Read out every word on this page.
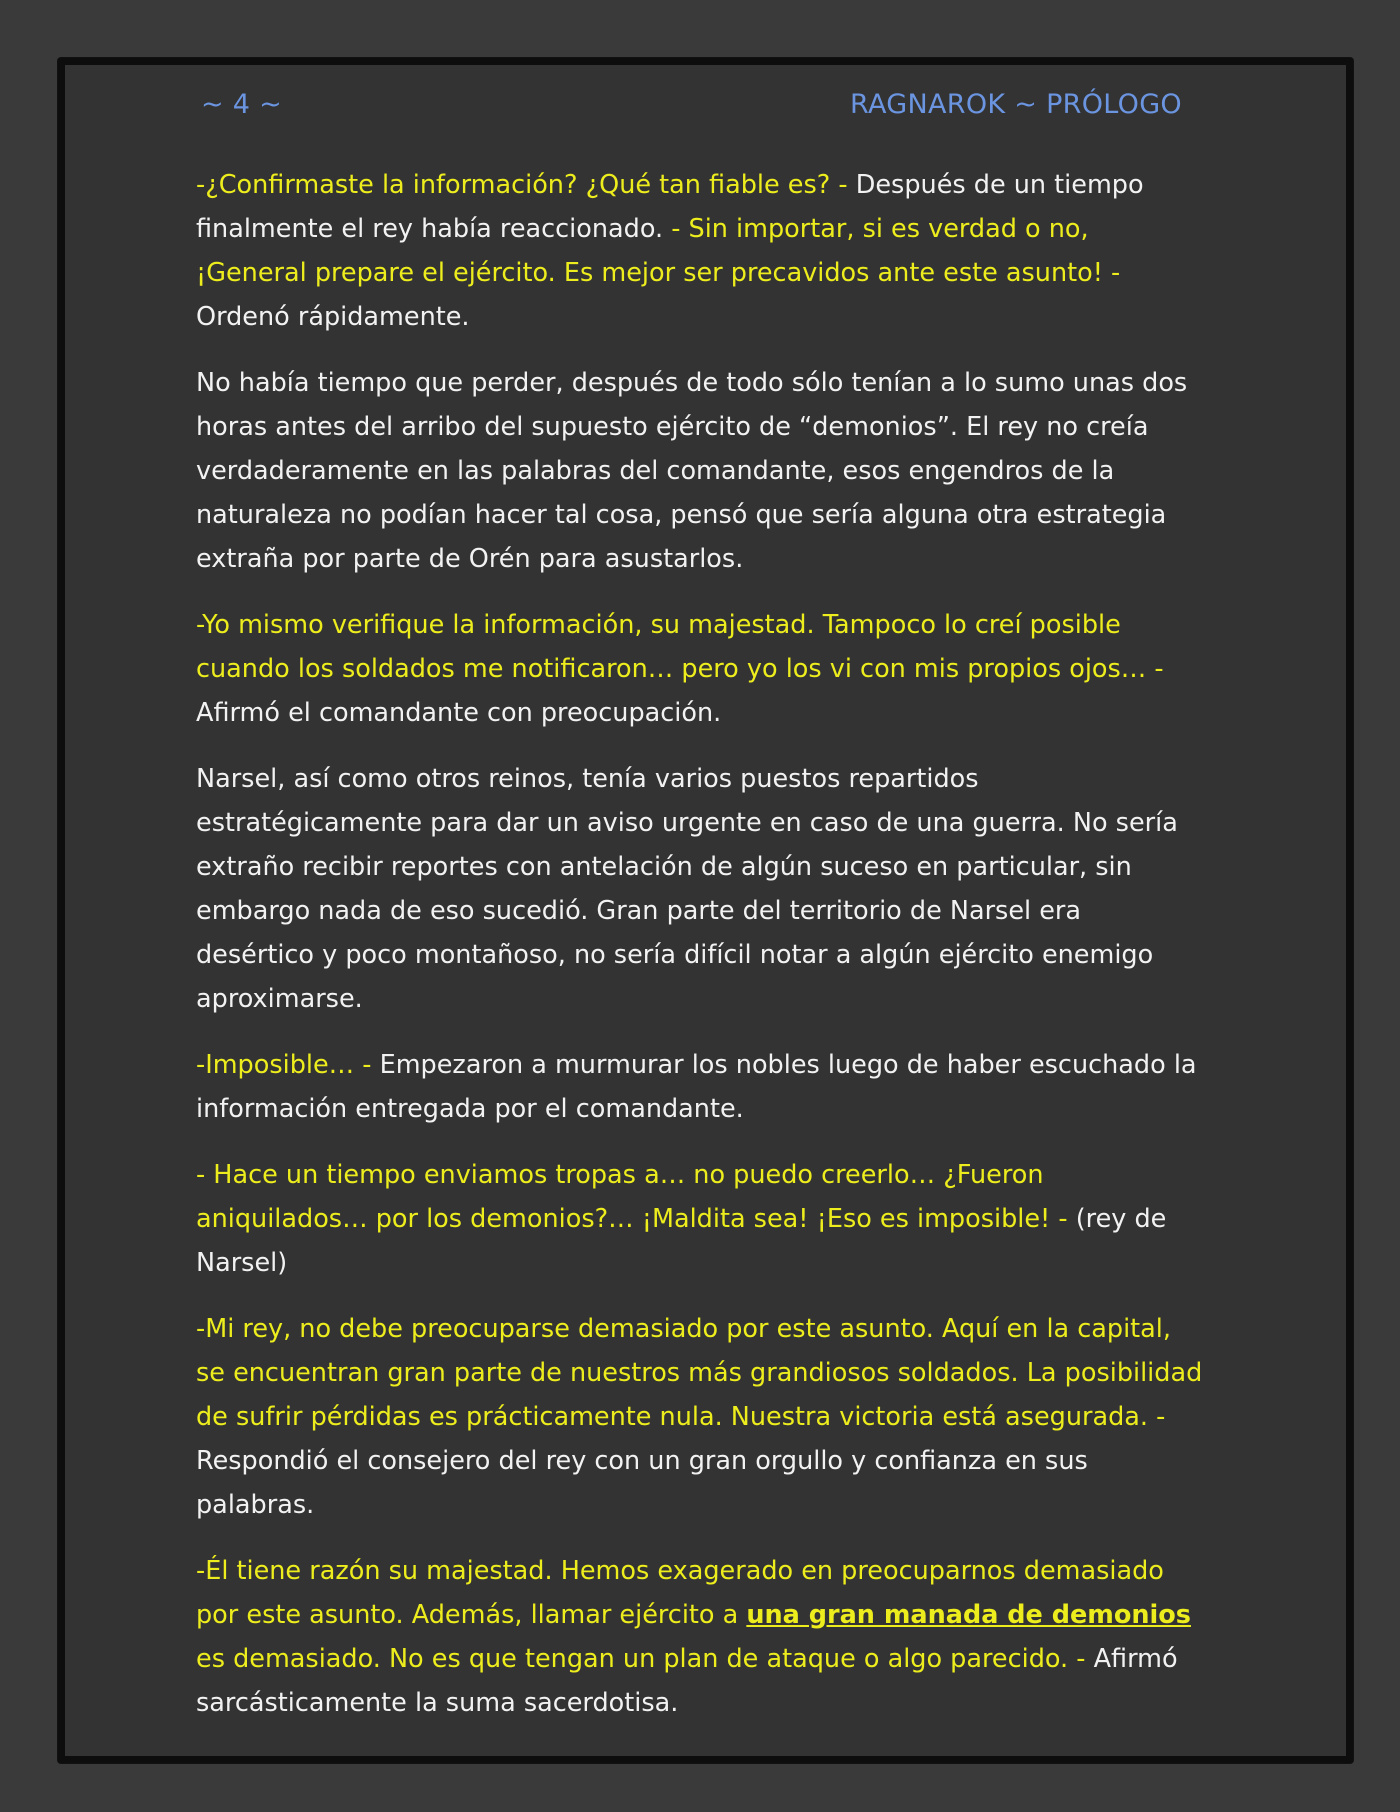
~ 4 ~	RAGNAROK ~ PRÓLOGO

-¿Confirmaste la información? ¿Qué tan fiable es? - Después de un tiempo finalmente el rey había reaccionado. - Sin importar, si es verdad o no, ¡General prepare el ejército. Es mejor ser precavidos ante este asunto! - Ordenó rápidamente.

No había tiempo que perder, después de todo sólo tenían a lo sumo unas dos horas antes del arribo del supuesto ejército de “demonios”. El rey no creía verdaderamente en las palabras del comandante, esos engendros de la naturaleza no podían hacer tal cosa, pensó que sería alguna otra estrategia extraña por parte de Orén para asustarlos.

-Yo mismo verifique la información, su majestad. Tampoco lo creí posible cuando los soldados me notificaron… pero yo los vi con mis propios ojos… - Afirmó el comandante con preocupación.

Narsel, así como otros reinos, tenía varios puestos repartidos estratégicamente para dar un aviso urgente en caso de una guerra. No sería extraño recibir reportes con antelación de algún suceso en particular, sin embargo nada de eso sucedió. Gran parte del territorio de Narsel era desértico y poco montañoso, no sería difícil notar a algún ejército enemigo aproximarse.

-Imposible… - Empezaron a murmurar los nobles luego de haber escuchado la información entregada por el comandante.

- Hace un tiempo enviamos tropas a… no puedo creerlo… ¿Fueron aniquilados… por los demonios?… ¡Maldita sea! ¡Eso es imposible! - (rey de Narsel)

-Mi rey, no debe preocuparse demasiado por este asunto. Aquí en la capital, se encuentran gran parte de nuestros más grandiosos soldados. La posibilidad de sufrir pérdidas es prácticamente nula. Nuestra victoria está asegurada. - Respondió el consejero del rey con un gran orgullo y confianza en sus palabras.

-Él tiene razón su majestad. Hemos exagerado en preocuparnos demasiado por este asunto. Además, llamar ejército a una gran manada de demonios es demasiado. No es que tengan un plan de ataque o algo parecido. - Afirmó sarcásticamente la suma sacerdotisa.
